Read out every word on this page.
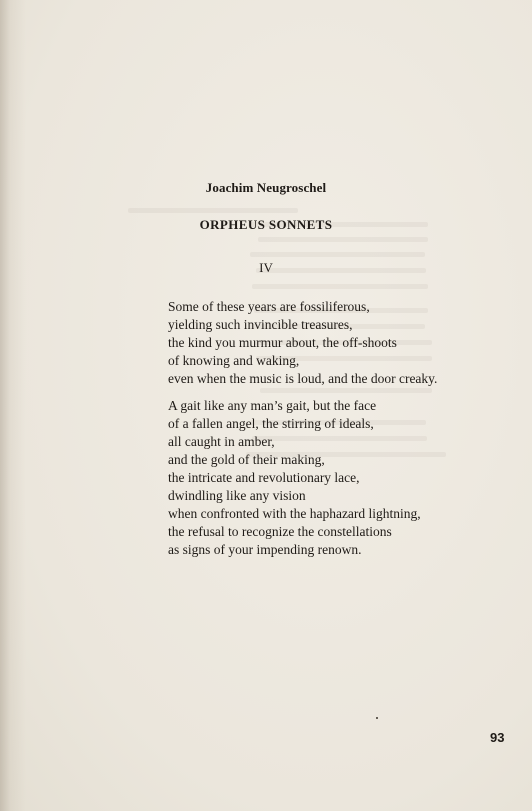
Joachim Neugroschel
ORPHEUS SONNETS
IV
Some of these years are fossiliferous,
yielding such invincible treasures,
the kind you murmur about, the off-shoots
of knowing and waking,
even when the music is loud, and the door creaky.
A gait like any man’s gait, but the face
of a fallen angel, the stirring of ideals,
all caught in amber,
and the gold of their making,
the intricate and revolutionary lace,
dwindling like any vision
when confronted with the haphazard lightning,
the refusal to recognize the constellations
as signs of your impending renown.
93
